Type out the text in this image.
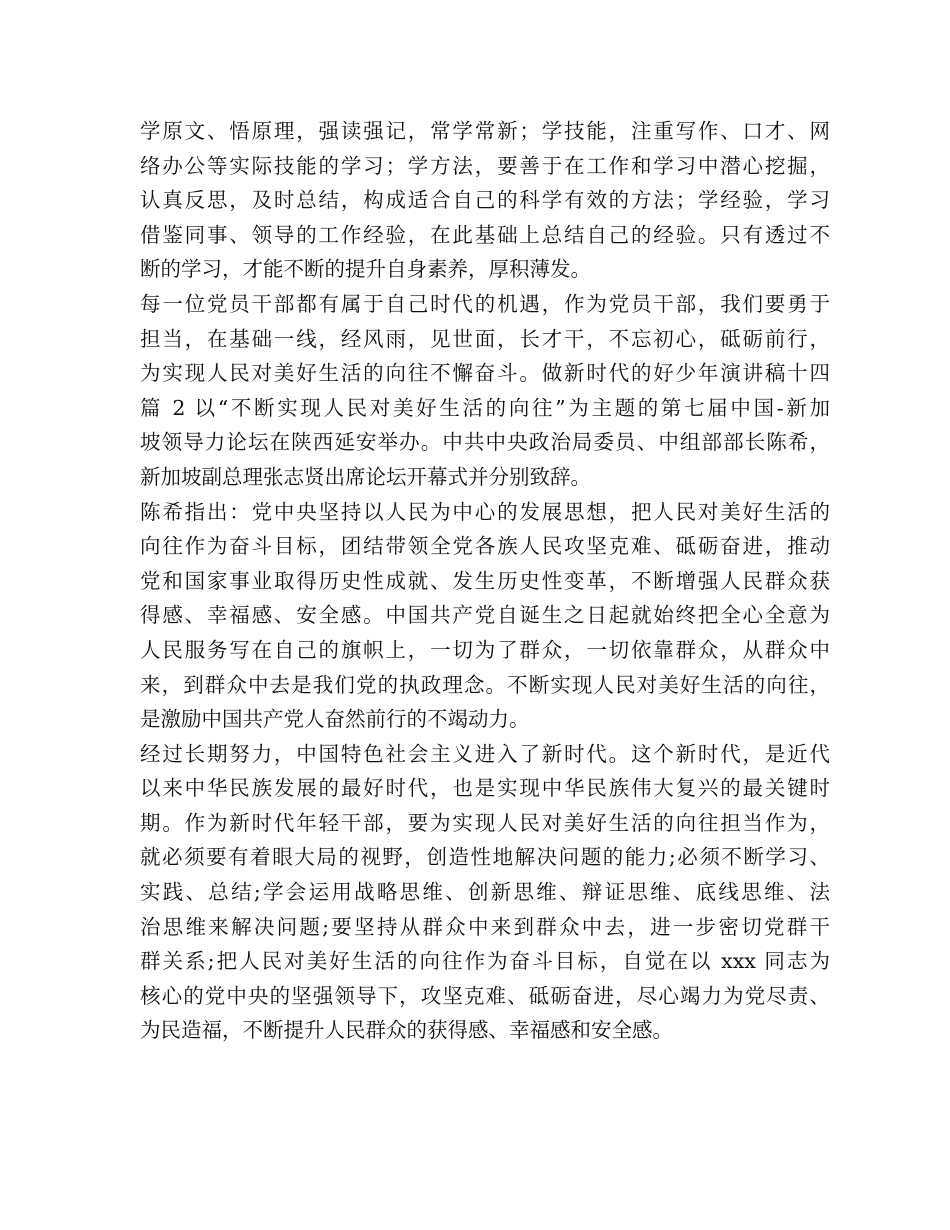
学原文、悟原理，强读强记，常学常新；学技能，注重写作、口才、网
络办公等实际技能的学习；学方法，要善于在工作和学习中潜心挖掘，
认真反思，及时总结，构成适合自己的科学有效的方法；学经验，学习
借鉴同事、领导的工作经验，在此基础上总结自己的经验。只有透过不
断的学习，才能不断的提升自身素养，厚积薄发。
每一位党员干部都有属于自己时代的机遇，作为党员干部，我们要勇于
担当，在基础一线，经风雨，见世面，长才干，不忘初心，砥砺前行，
为实现人民对美好生活的向往不懈奋斗。做新时代的好少年演讲稿十四
篇 2 以“不断实现人民对美好生活的向往”为主题的第七届中国-新加
坡领导力论坛在陕西延安举办。中共中央政治局委员、中组部部长陈希，
新加坡副总理张志贤出席论坛开幕式并分别致辞。
陈希指出：党中央坚持以人民为中心的发展思想，把人民对美好生活的
向往作为奋斗目标，团结带领全党各族人民攻坚克难、砥砺奋进，推动
党和国家事业取得历史性成就、发生历史性变革，不断增强人民群众获
得感、幸福感、安全感。中国共产党自诞生之日起就始终把全心全意为
人民服务写在自己的旗帜上，一切为了群众，一切依靠群众，从群众中
来，到群众中去是我们党的执政理念。不断实现人民对美好生活的向往，
是激励中国共产党人奋然前行的不竭动力。
经过长期努力，中国特色社会主义进入了新时代。这个新时代，是近代
以来中华民族发展的最好时代，也是实现中华民族伟大复兴的最关键时
期。作为新时代年轻干部，要为实现人民对美好生活的向往担当作为，
就必须要有着眼大局的视野，创造性地解决问题的能力;必须不断学习、
实践、总结;学会运用战略思维、创新思维、辩证思维、底线思维、法
治思维来解决问题;要坚持从群众中来到群众中去，进一步密切党群干
群关系;把人民对美好生活的向往作为奋斗目标，自觉在以 xxx 同志为
核心的党中央的坚强领导下，攻坚克难、砥砺奋进，尽心竭力为党尽责、
为民造福，不断提升人民群众的获得感、幸福感和安全感。
